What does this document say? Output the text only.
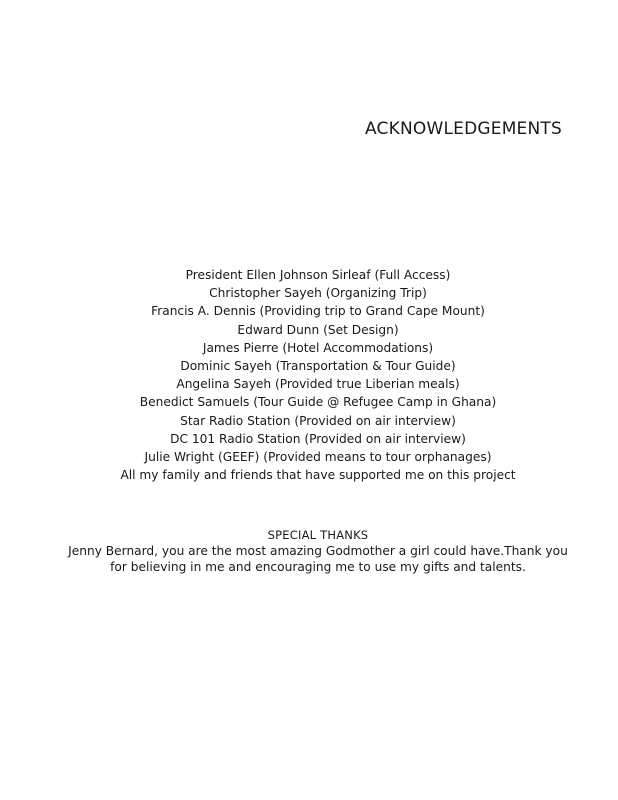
ACKNOWLEDGEMENTS
President Ellen Johnson Sirleaf (Full Access)
Christopher Sayeh (Organizing Trip)
Francis A. Dennis (Providing trip to Grand Cape Mount)
Edward Dunn (Set Design)
James Pierre (Hotel Accommodations)
Dominic Sayeh (Transportation & Tour Guide)
Angelina Sayeh (Provided true Liberian meals)
Benedict Samuels (Tour Guide @ Refugee Camp in Ghana)
Star Radio Station (Provided on air interview)
DC 101 Radio Station (Provided on air interview)
Julie Wright (GEEF) (Provided means to tour orphanages)
All my family and friends that have supported me on this project
SPECIAL THANKS

Jenny Bernard, you are the most amazing Godmother a girl could have.Thank you for believing in me and encouraging me to use my gifts and talents.
